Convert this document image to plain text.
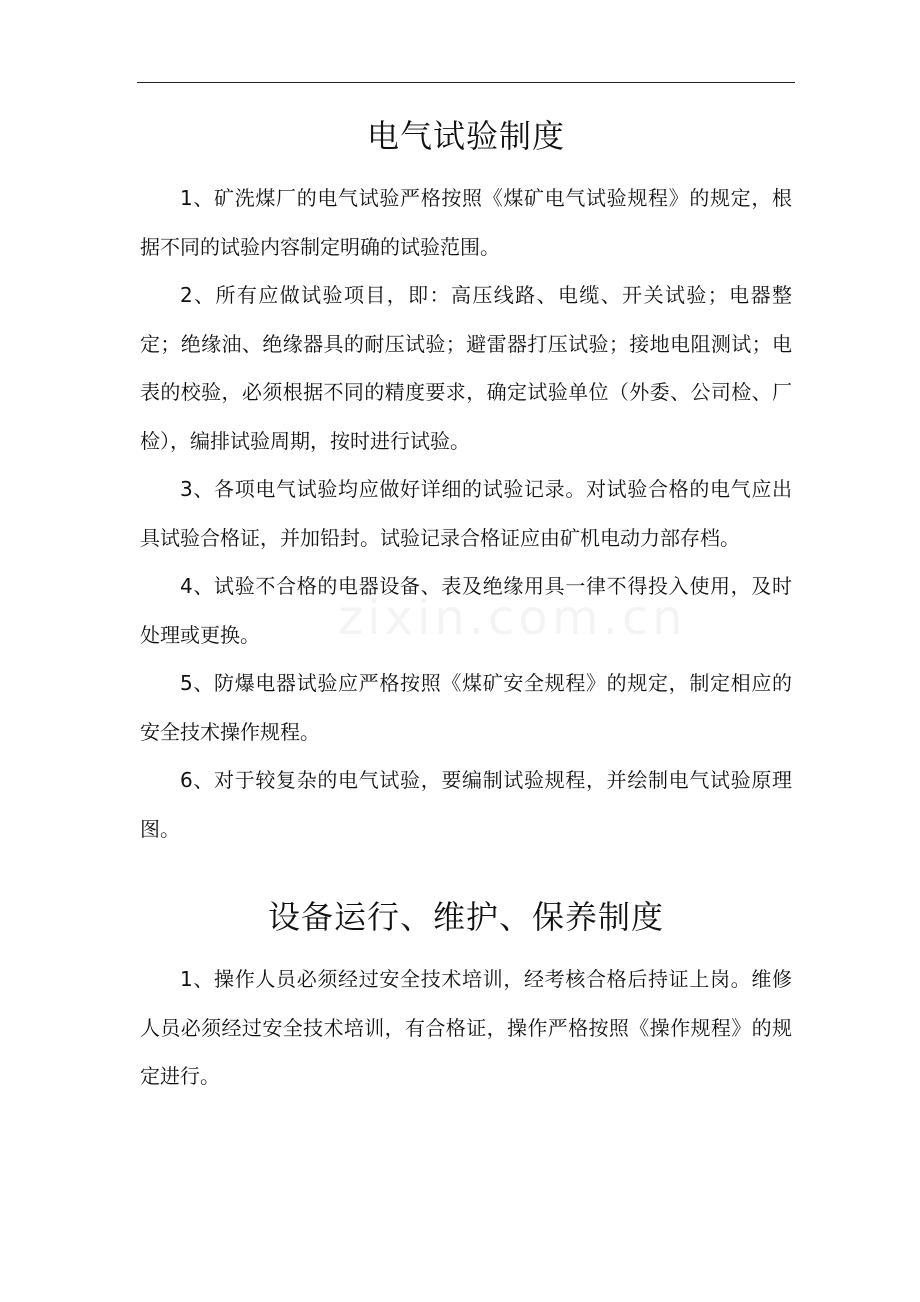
电气试验制度

1、矿洗煤厂的电气试验严格按照《煤矿电气试验规程》的规定，根据不同的试验内容制定明确的试验范围。

2、所有应做试验项目，即：高压线路、电缆、开关试验；电器整定；绝缘油、绝缘器具的耐压试验；避雷器打压试验；接地电阻测试；电表的校验，必须根据不同的精度要求，确定试验单位（外委、公司检、厂检），编排试验周期，按时进行试验。

3、各项电气试验均应做好详细的试验记录。对试验合格的电气应出具试验合格证，并加铅封。试验记录合格证应由矿机电动力部存档。

4、试验不合格的电器设备、表及绝缘用具一律不得投入使用，及时处理或更换。

5、防爆电器试验应严格按照《煤矿安全规程》的规定，制定相应的安全技术操作规程。

6、对于较复杂的电气试验，要编制试验规程，并绘制电气试验原理图。

设备运行、维护、保养制度

1、操作人员必须经过安全技术培训，经考核合格后持证上岗。维修人员必须经过安全技术培训，有合格证，操作严格按照《操作规程》的规定进行。
